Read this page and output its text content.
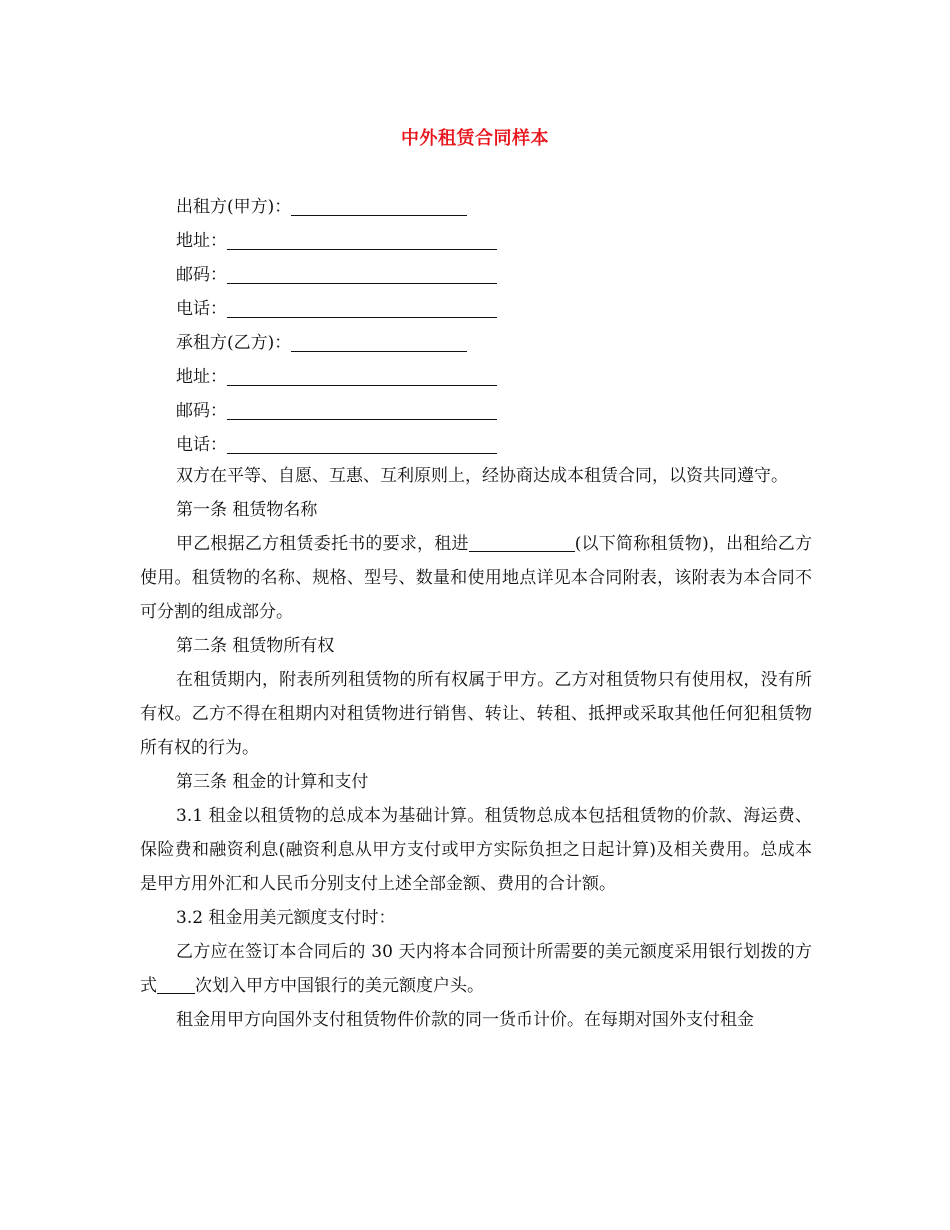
中外租赁合同样本
出租方(甲方)：
地址：
邮码：
电话：
承租方(乙方)：
地址：
邮码：
电话：

双方在平等、自愿、互惠、互利原则上，经协商达成本租赁合同，以资共同遵守。

第一条 租赁物名称

甲乙根据乙方租赁委托书的要求，租进	(以下简称租赁物)，出租给乙方使用。租赁物的名称、规格、型号、数量和使用地点详见本合同附表，该附表为本合同不可分割的组成部分。

第二条 租赁物所有权

在租赁期内，附表所列租赁物的所有权属于甲方。乙方对租赁物只有使用权，没有所有权。乙方不得在租期内对租赁物进行销售、转让、转租、抵押或采取其他任何犯租赁物所有权的行为。

第三条 租金的计算和支付

3.1 租金以租赁物的总成本为基础计算。租赁物总成本包括租赁物的价款、海运费、保险费和融资利息(融资利息从甲方支付或甲方实际负担之日起计算)及相关费用。总成本是甲方用外汇和人民币分别支付上述全部金额、费用的合计额。

3.2 租金用美元额度支付时：

乙方应在签订本合同后的 30 天内将本合同预计所需要的美元额度采用银行划拨的方式 次划入甲方中国银行的美元额度户头。

租金用甲方向国外支付租赁物件价款的同一货币计价。在每期对国外支付租金
